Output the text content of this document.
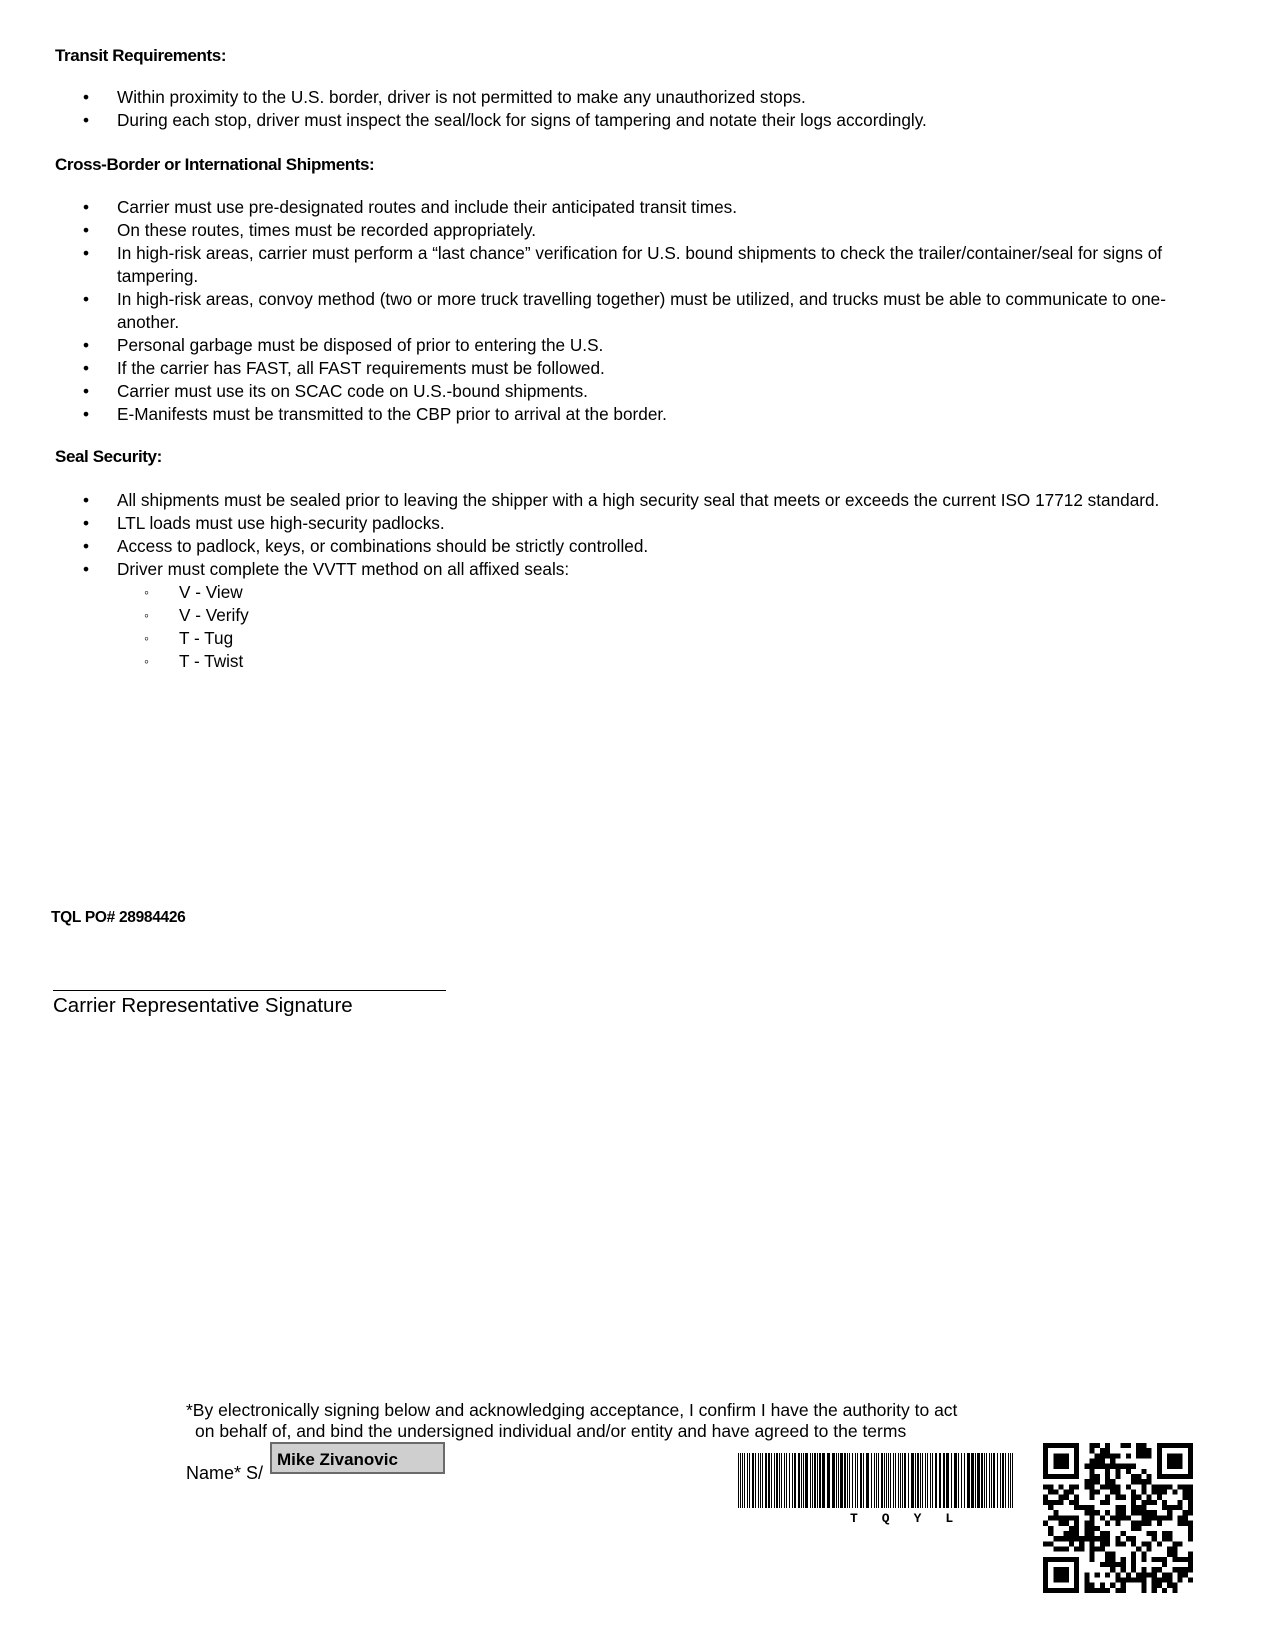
Transit Requirements:
• Within proximity to the U.S. border, driver is not permitted to make any unauthorized stops.
• During each stop, driver must inspect the seal/lock for signs of tampering and notate their logs accordingly.
Cross-Border or International Shipments:
• Carrier must use pre-designated routes and include their anticipated transit times.
• On these routes, times must be recorded appropriately.
• In high-risk areas, carrier must perform a “last chance” verification for U.S. bound shipments to check the trailer/container/seal for signs of tampering.
• In high-risk areas, convoy method (two or more truck travelling together) must be utilized, and trucks must be able to communicate to one-another.
• Personal garbage must be disposed of prior to entering the U.S.
• If the carrier has FAST, all FAST requirements must be followed.
• Carrier must use its on SCAC code on U.S.-bound shipments.
• E-Manifests must be transmitted to the CBP prior to arrival at the border.
Seal Security:
• All shipments must be sealed prior to leaving the shipper with a high security seal that meets or exceeds the current ISO 17712 standard.
• LTL loads must use high-security padlocks.
• Access to padlock, keys, or combinations should be strictly controlled.
• Driver must complete the VVTT method on all affixed seals:
◦ V - View
◦ V - Verify
◦ T - Tug
◦ T - Twist

TQL PO# 28984426

Carrier Representative Signature

*By electronically signing below and acknowledging acceptance, I confirm I have the authority to act
on behalf of, and bind the undersigned individual and/or entity and have agreed to the terms

Name* S/
Mike Zivanovic
TQYL
